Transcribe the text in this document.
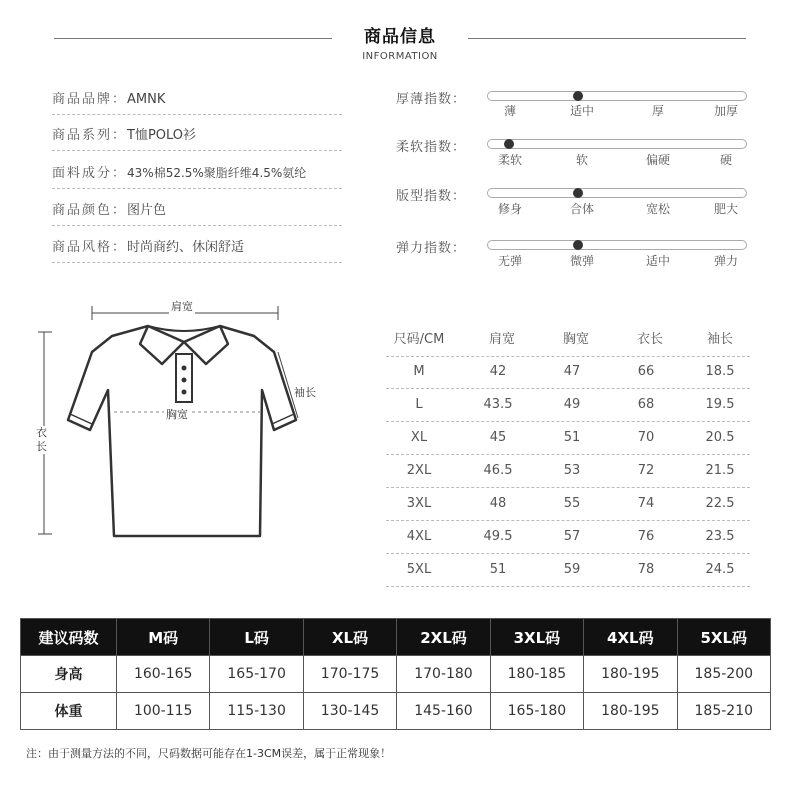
商品信息
INFORMATION
商品品牌：AMNK
商品系列：T恤POLO衫
面料成分：43%棉52.5%聚脂纤维4.5%氨纶
商品颜色：图片色
商品风格：时尚商约、休闲舒适
厚薄指数：
薄	适中	厚	加厚
柔软指数：
柔软	软	偏硬	硬
版型指数：
修身	合体	宽松	肥大
弹力指数：
无弹	微弹	适中	弹力
肩宽
袖长
胸宽
衣长
尺码/CM	肩宽	胸宽	衣长	袖长
M	42	47	66	18.5
L	43.5	49	68	19.5
XL	45	51	70	20.5
2XL	46.5	53	72	21.5
3XL	48	55	74	22.5
4XL	49.5	57	76	23.5
5XL	51	59	78	24.5
建议码数	M码	L码	XL码	2XL码	3XL码	4XL码	5XL码
身高	160-165	165-170	170-175	170-180	180-185	180-195	185-200
体重	100-115	115-130	130-145	145-160	165-180	180-195	185-210
注：由于测量方法的不同，尺码数据可能存在1-3CM误差，属于正常现象！
